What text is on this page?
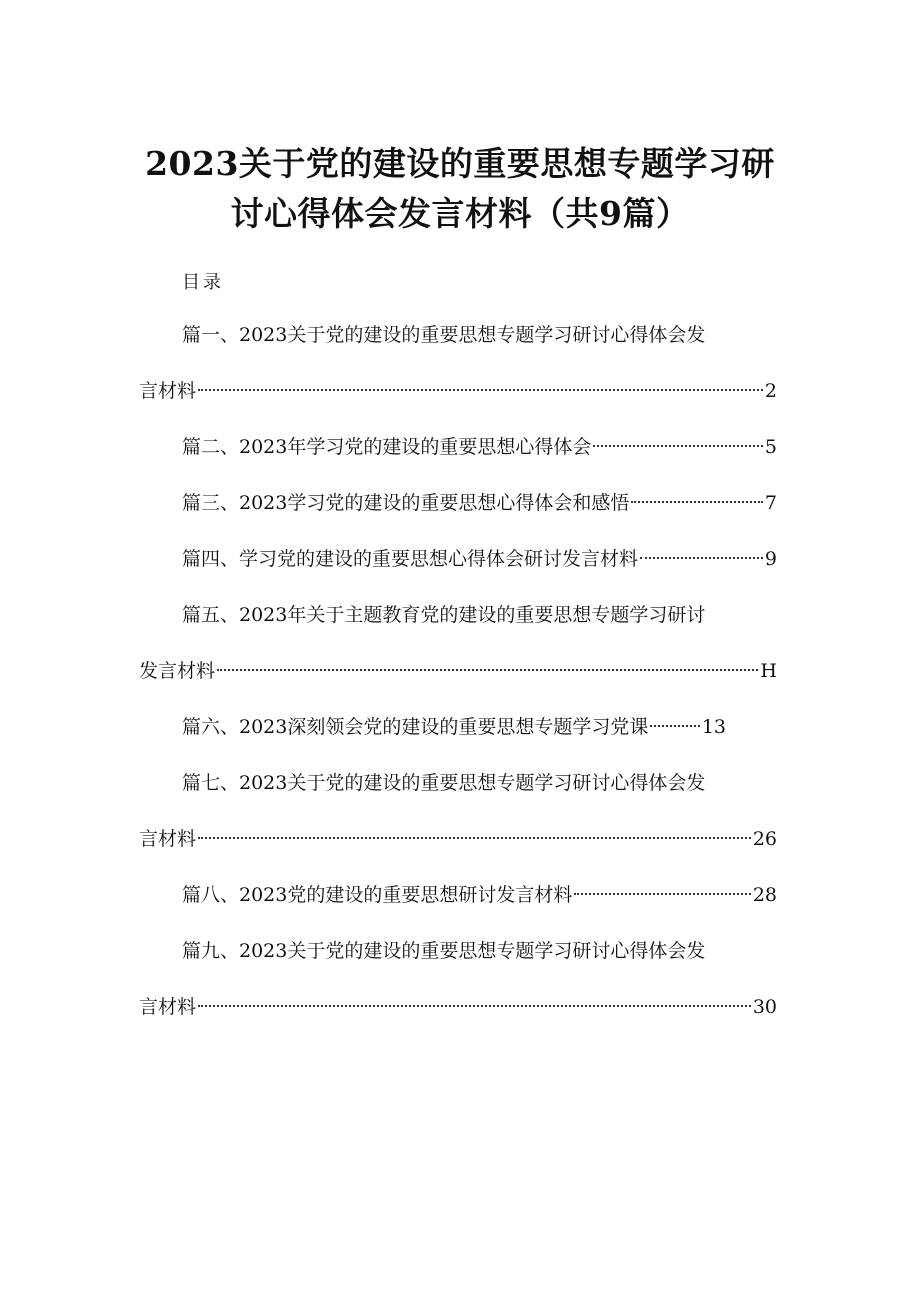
2023关于党的建设的重要思想专题学习研
讨心得体会发言材料（共9篇）
目录
篇一、2023关于党的建设的重要思想专题学习研讨心得体会发
言材料	2
篇二、2023年学习党的建设的重要思想心得体会	5
篇三、2023学习党的建设的重要思想心得体会和感悟	7
篇四、学习党的建设的重要思想心得体会研讨发言材料	9
篇五、2023年关于主题教育党的建设的重要思想专题学习研讨
发言材料	H
篇六、2023深刻领会党的建设的重要思想专题学习党课	13
篇七、2023关于党的建设的重要思想专题学习研讨心得体会发
言材料	26
篇八、2023党的建设的重要思想研讨发言材料	28
篇九、2023关于党的建设的重要思想专题学习研讨心得体会发
言材料	30
